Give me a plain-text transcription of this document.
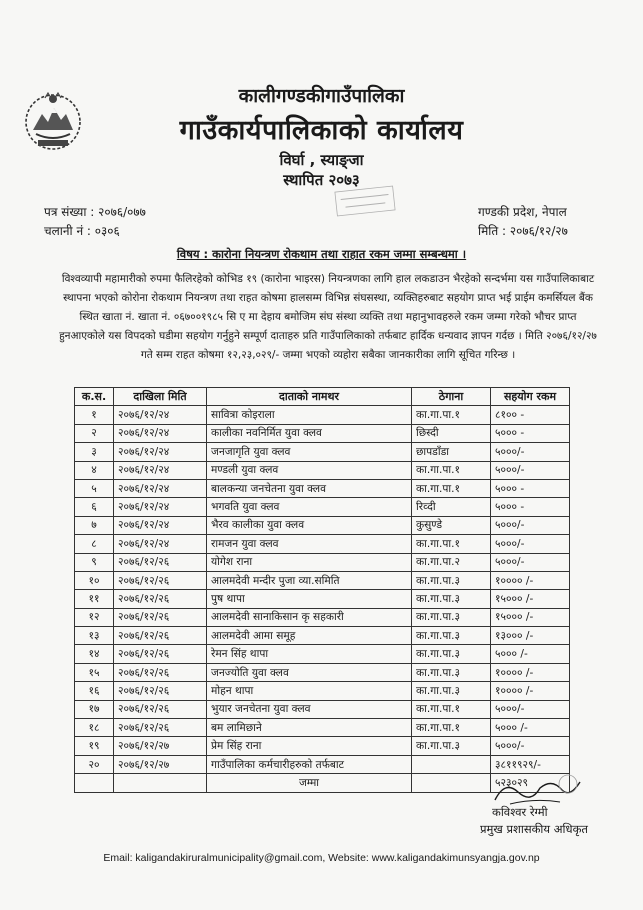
कालीगण्डकीगाउँपालिका
गाउँकार्यपालिकाको कार्यालय
विर्घा , स्याङ्जा
स्थापित २०७३
पत्र संख्या : २०७६/०७७
चलानी नं : ०३०६
गण्डकी प्रदेश, नेपाल
मिति : २०७६/१२/२७
विषय : कारोना नियन्त्रण रोकथाम तथा राहात रकम जम्मा सम्बन्धमा ।
विश्वव्यापी महामारीको रुपमा फैलिरहेको कोभिड १९ (कारोना भाइरस) नियन्त्रणका लागि हाल लकडाउन भैरहेको सन्दर्भमा यस गाउँपालिकाबाट स्थापना भएको कोरोना रोकथाम नियन्त्रण तथा राहत कोषमा हालसम्म विभिन्न संघसस्था, व्यक्तिहरुबाट सहयोग प्राप्त भई प्राईम कमर्सियल बैंक स्थित खाता नं. खाता नं. ०६७००१९८५ सि ए मा देहाय बमोजिम संघ संस्था व्यक्ति तथा महानुभावहरुले रकम जम्मा गरेको भौचर प्राप्त हुनआएकोले यस विपदको घडीमा सहयोग गर्नुहुने सम्पूर्ण दाताहरु प्रति गाउँपालिकाको तर्फबाट हार्दिक धन्यवाद ज्ञापन गर्दछ । मिति २०७६/१२/२७ गते सम्म राहत कोषमा १२,२३,०२९/- जम्मा भएको व्यहोरा सबैका जानकारीका लागि सूचित गरिन्छ ।
क.स.	दाखिला मिति	दाताको नामथर	ठेगाना	सहयोग रकम
१	२०७६/१२/२४	सावित्रा कोइराला	का.गा.पा.१	८१०० -
२	२०७६/१२/२४	कालीका नवनिर्मित युवा क्लव	छिस्दी	५००० -
३	२०७६/१२/२४	जनजागृति युवा क्लव	छापडाँडा	५०००/-
४	२०७६/१२/२४	मण्डली युवा क्लव	का.गा.पा.१	५०००/-
५	२०७६/१२/२४	बालकन्या जनचेतना युवा क्लव	का.गा.पा.१	५००० -
६	२०७६/१२/२४	भगवति युवा क्लव	रिव्दी	५००० -
७	२०७६/१२/२४	भैरव कालीका युवा क्लव	कुसुण्डे	५०००/-
८	२०७६/१२/२४	रामजन युवा क्लव	का.गा.पा.१	५०००/-
९	२०७६/१२/२६	योगेश राना	का.गा.पा.२	५०००/-
१०	२०७६/१२/२६	आलमदेवी मन्दीर पुजा व्या.समिति	का.गा.पा.३	१०००० /-
११	२०७६/१२/२६	पुष थापा	का.गा.पा.३	१५००० /-
१२	२०७६/१२/२६	आलमदेवी सानाकिसान कृ सहकारी	का.गा.पा.३	१५००० /-
१३	२०७६/१२/२६	आलमदेवी आमा समूह	का.गा.पा.३	१३००० /-
१४	२०७६/१२/२६	रेमन सिंह थापा	का.गा.पा.३	५००० /-
१५	२०७६/१२/२६	जनज्योति युवा क्लव	का.गा.पा.३	१०००० /-
१६	२०७६/१२/२६	मोहन थापा	का.गा.पा.३	१०००० /-
१७	२०७६/१२/२६	भुयार जनचेतना युवा क्लव	का.गा.पा.१	५०००/-
१८	२०७६/१२/२६	बम लामिछाने	का.गा.पा.१	५००० /-
१९	२०७६/१२/२७	प्रेम सिंह राना	का.गा.पा.३	५०००/-
२०	२०७६/१२/२७	गाउँपालिका कर्मचारीहरुको तर्फबाट		३८११९२९/-
		जम्मा		५२३०२९
कविश्वर रेग्मी
प्रमुख प्रशासकीय अधिकृत
Email: kaligandakiruralmunicipality@gmail.com, Website: www.kaligandakimunsyangja.gov.np
